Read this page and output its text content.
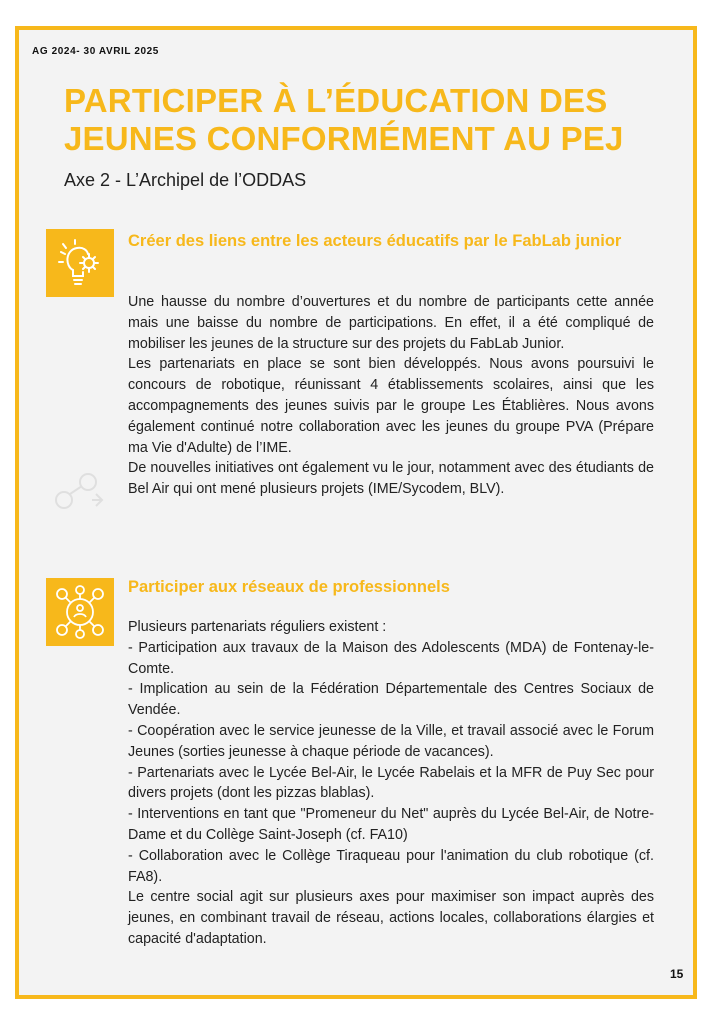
AG 2024- 30 AVRIL 2025
PARTICIPER À L’ÉDUCATION DES
JEUNES CONFORMÉMENT AU PEJ
Axe 2 - L’Archipel de l’ODDAS
Créer des liens entre les acteurs éducatifs par le FabLab junior

Une hausse du nombre d’ouvertures et du nombre de participants cette année mais une baisse du nombre de participations. En effet, il a été compliqué de mobiliser les jeunes de la structure sur des projets du FabLab Junior.

Les partenariats en place se sont bien développés. Nous avons poursuivi le concours de robotique, réunissant 4 établissements scolaires, ainsi que les accompagnements des jeunes suivis par le groupe Les Établières. Nous avons également continué notre collaboration avec les jeunes du groupe PVA (Prépare ma Vie d'Adulte) de l’IME.

De nouvelles initiatives ont également vu le jour, notamment avec des étudiants de Bel Air qui ont mené plusieurs projets (IME/Sycodem, BLV).

Participer aux réseaux de professionnels

Plusieurs partenariats réguliers existent :

- Participation aux travaux de la Maison des Adolescents (MDA) de Fontenay-le-Comte.

- Implication au sein de la Fédération Départementale des Centres Sociaux de Vendée.

- Coopération avec le service jeunesse de la Ville, et travail associé avec le Forum Jeunes (sorties jeunesse à chaque période de vacances).

- Partenariats avec le Lycée Bel-Air, le Lycée Rabelais et la MFR de Puy Sec pour divers projets (dont les pizzas blablas).

- Interventions en tant que "Promeneur du Net" auprès du Lycée Bel-Air, de Notre-Dame et du Collège Saint-Joseph (cf. FA10)

- Collaboration avec le Collège Tiraqueau pour l'animation du club robotique (cf. FA8).

Le centre social agit sur plusieurs axes pour maximiser son impact auprès des jeunes, en combinant travail de réseau, actions locales, collaborations élargies et capacité d'adaptation.

15
